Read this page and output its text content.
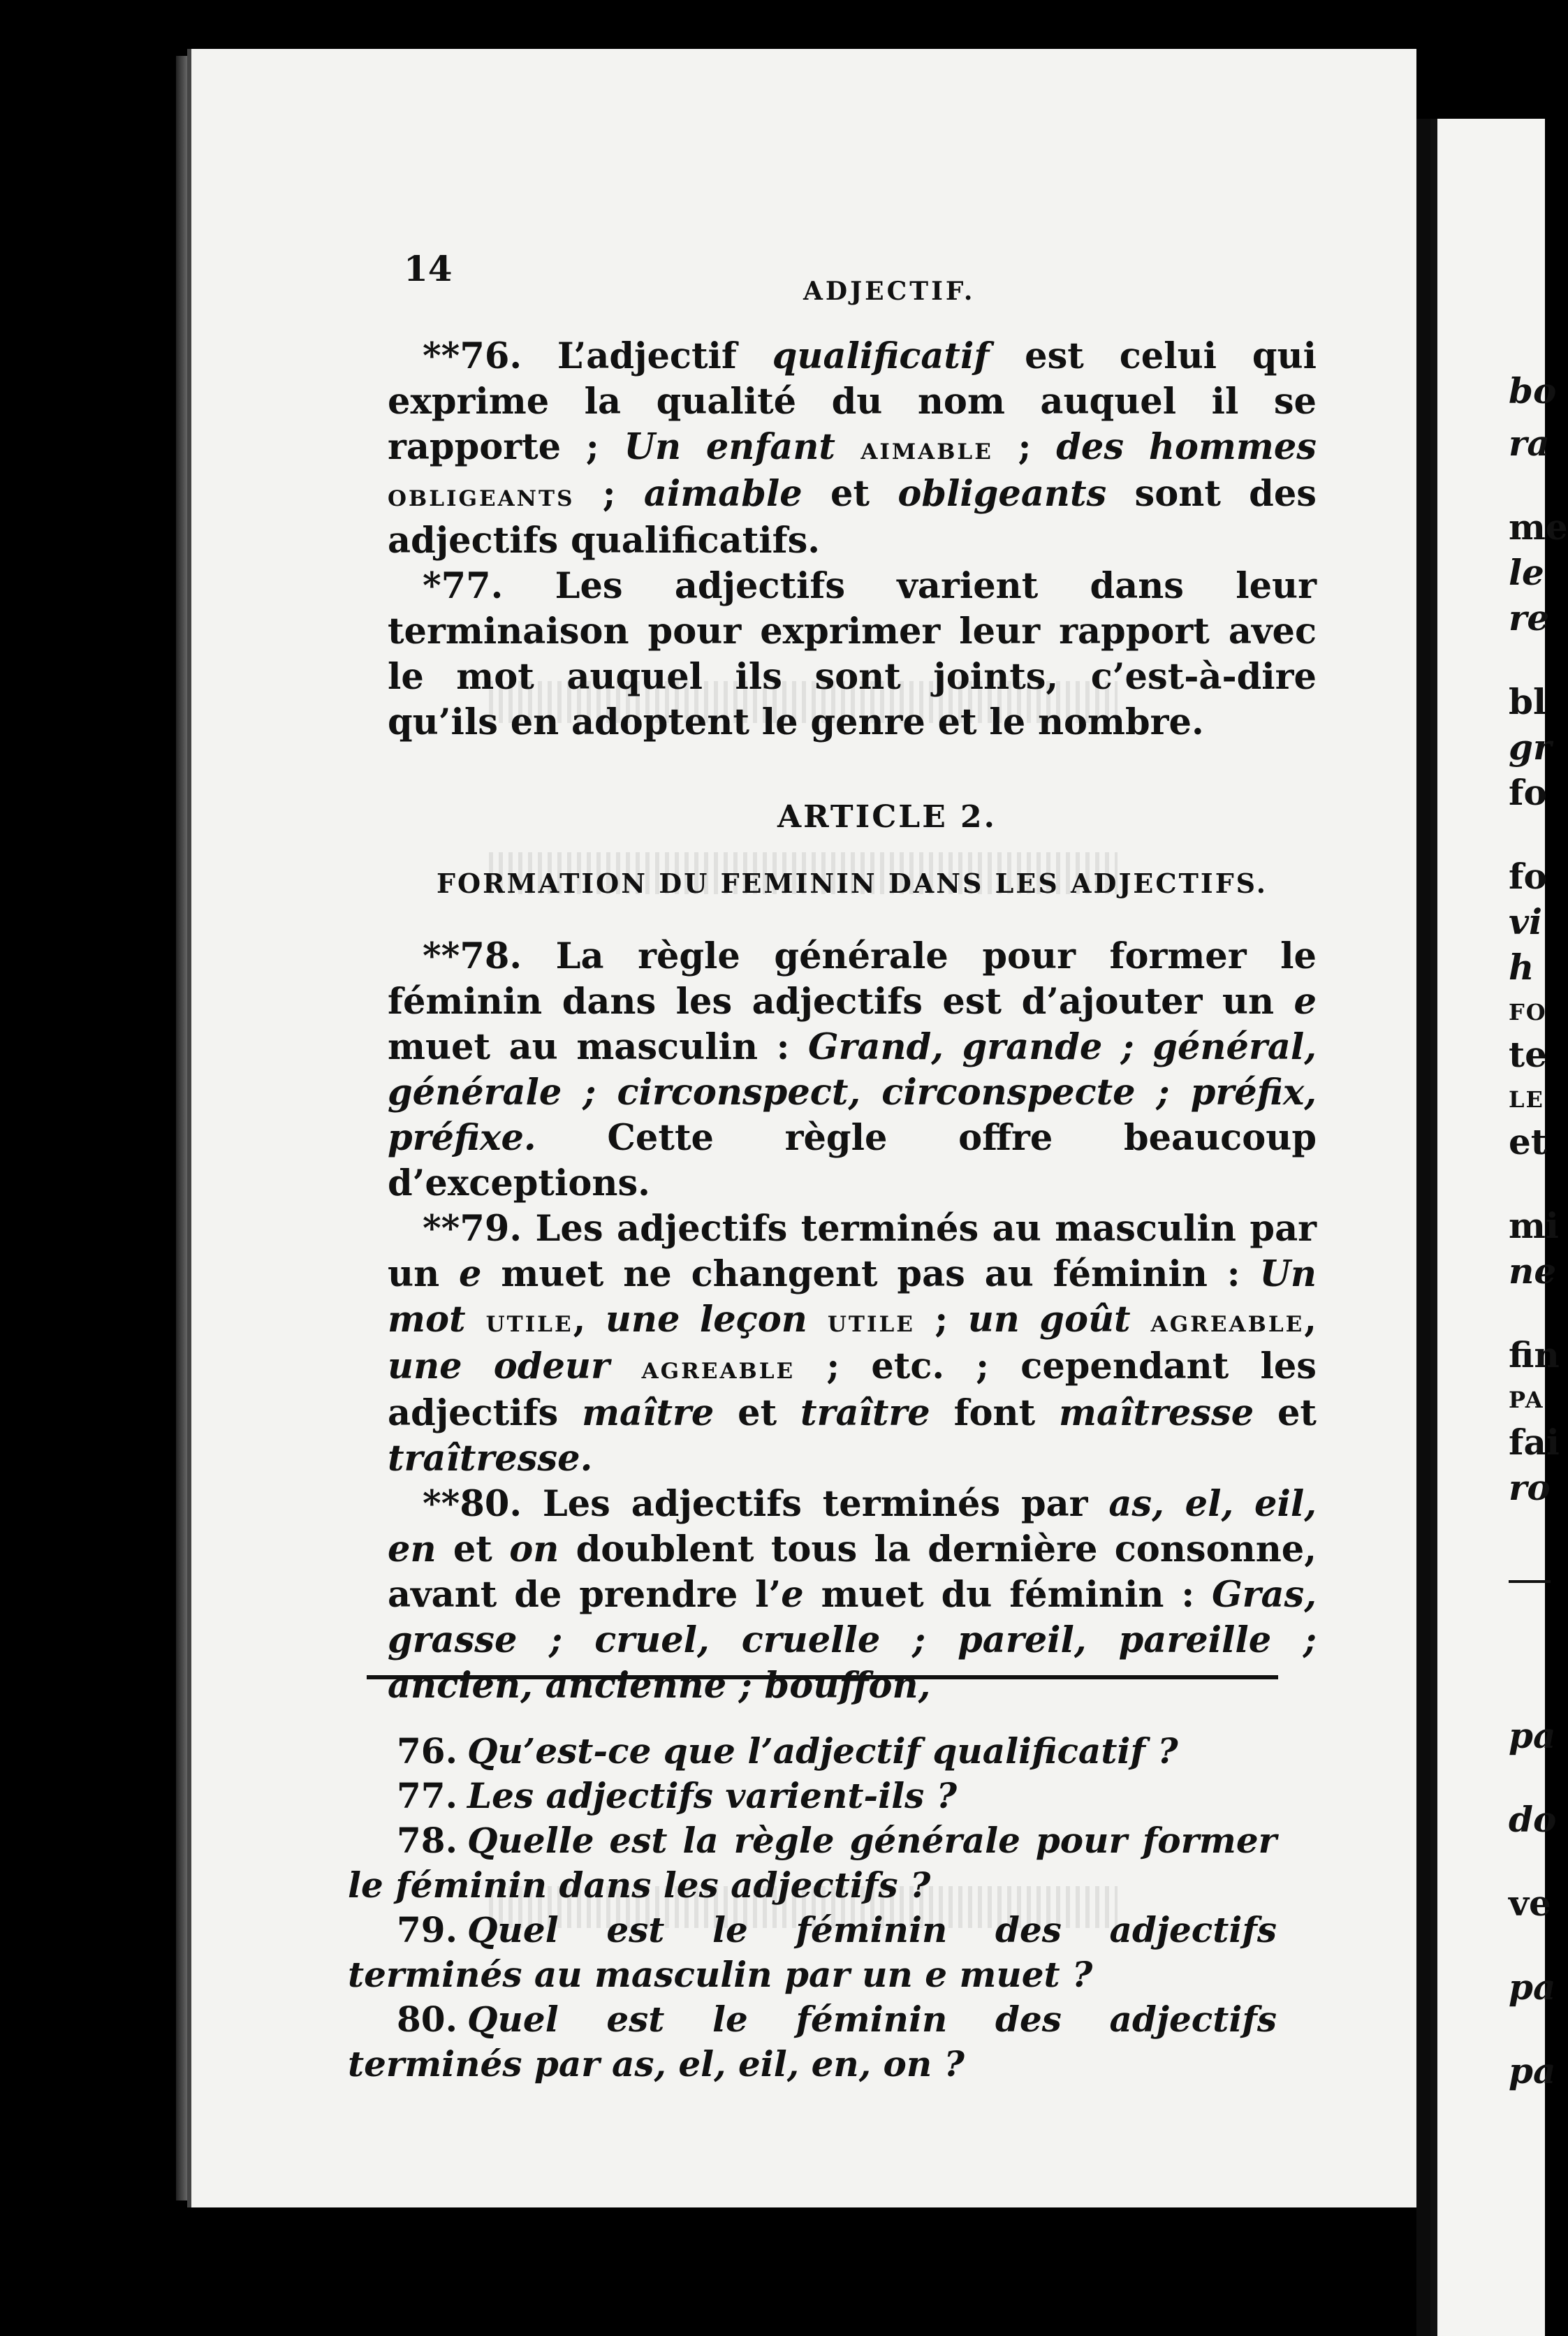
14
ADJECTIF.

**76. L’adjectif qualificatif est celui qui exprime la qualité du nom auquel il se rapporte ; Un enfant aimable ; des hommes obligeants ; aimable et obligeants sont des adjectifs qualificatifs.

*77. Les adjectifs varient dans leur terminaison pour exprimer leur rapport avec le mot auquel ils sont joints, c’est-à-dire qu’ils en adoptent le genre et le nombre.

ARTICLE 2.
FORMATION DU FEMININ DANS LES ADJECTIFS.

**78. La règle générale pour former le féminin dans les adjectifs est d’ajouter un e muet au masculin : Grand, grande ; général, générale ; circonspect, circonspecte ; préfix, préfixe. Cette règle offre beaucoup d’exceptions.

**79. Les adjectifs terminés au masculin par un e muet ne changent pas au féminin : Un mot utile, une leçon utile ; un goût agreable, une odeur agreable ; etc. ; cependant les adjectifs maître et traître font maîtresse et traîtresse.

**80. Les adjectifs terminés par as, el, eil, en et on doublent tous la dernière consonne, avant de prendre l’e muet du féminin : Gras, grasse ; cruel, cruelle ; pareil, pareille ; ancien, ancienne ; bouffon,

76. Qu’est-ce que l’adjectif qualificatif ?

77. Les adjectifs varient-ils ?

78. Quelle est la règle générale pour former le féminin dans les adjectifs ?

79. Quel est le féminin des adjectifs terminés au masculin par un e muet ?

80. Quel est le féminin des adjectifs terminés par as, el, eil, en, on ?

bo
ra
me
le
re
bl
gr
fo
fo
vi
h
FO
te
LE
et
mi
ne
fin
PA
fai
ro
pa
do
ve
pa
pa
